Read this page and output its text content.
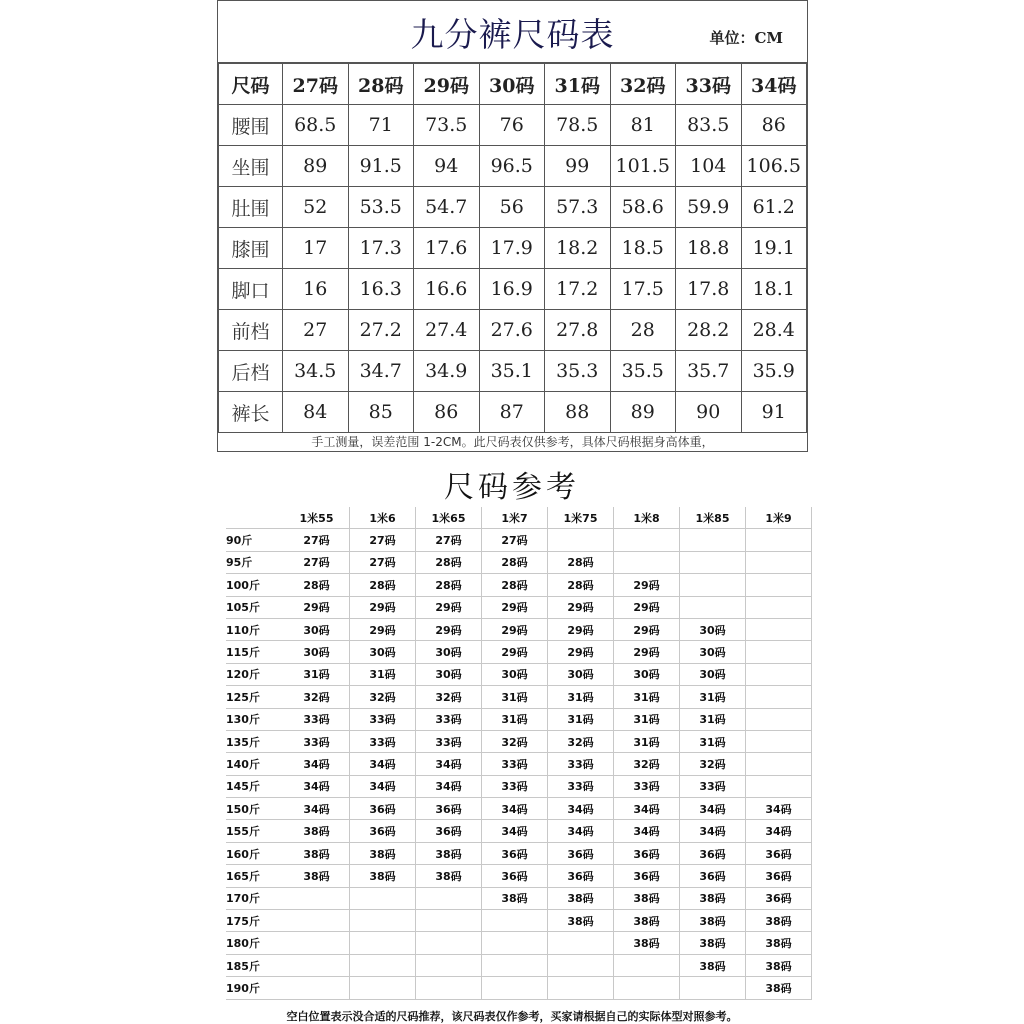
九分裤尺码表	单位：CM
尺码	27码	28码	29码	30码	31码	32码	33码	34码
腰围	68.5	71	73.5	76	78.5	81	83.5	86
坐围	89	91.5	94	96.5	99	101.5	104	106.5
肚围	52	53.5	54.7	56	57.3	58.6	59.9	61.2
膝围	17	17.3	17.6	17.9	18.2	18.5	18.8	19.1
脚口	16	16.3	16.6	16.9	17.2	17.5	17.8	18.1
前档	27	27.2	27.4	27.6	27.8	28	28.2	28.4
后档	34.5	34.7	34.9	35.1	35.3	35.5	35.7	35.9
裤长	84	85	86	87	88	89	90	91
手工测量，误差范围 1-2CM。此尺码表仅供参考，具体尺码根据身高体重，
尺码参考
	1米55	1米6	1米65	1米7	1米75	1米8	1米85	1米9
90斤	27码	27码	27码	27码				
95斤	27码	27码	28码	28码	28码			
100斤	28码	28码	28码	28码	28码	29码		
105斤	29码	29码	29码	29码	29码	29码		
110斤	30码	29码	29码	29码	29码	29码	30码	
115斤	30码	30码	30码	29码	29码	29码	30码	
120斤	31码	31码	30码	30码	30码	30码	30码	
125斤	32码	32码	32码	31码	31码	31码	31码	
130斤	33码	33码	33码	31码	31码	31码	31码	
135斤	33码	33码	33码	32码	32码	31码	31码	
140斤	34码	34码	34码	33码	33码	32码	32码	
145斤	34码	34码	34码	33码	33码	33码	33码	
150斤	34码	36码	36码	34码	34码	34码	34码	34码
155斤	38码	36码	36码	34码	34码	34码	34码	34码
160斤	38码	38码	38码	36码	36码	36码	36码	36码
165斤	38码	38码	38码	36码	36码	36码	36码	36码
170斤				38码	38码	38码	38码	36码
175斤					38码	38码	38码	38码
180斤						38码	38码	38码
185斤							38码	38码
190斤								38码
空白位置表示没合适的尺码推荐，该尺码表仅作参考，买家请根据自己的实际体型对照参考。
